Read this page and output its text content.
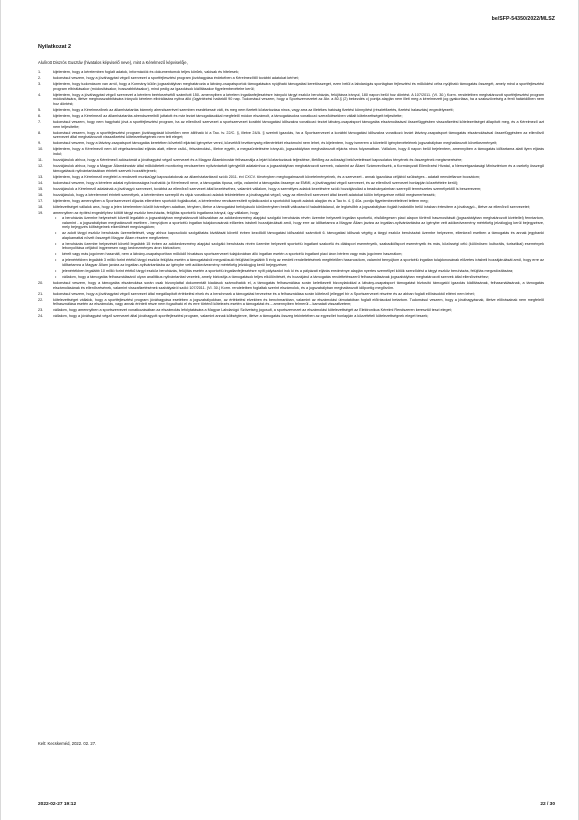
be/SFP-54350/2022/MLSZ
Nyilatkozat 2
Alulírott Diszrós Gusztáv (hivatalos képviselő neve), mint a Kérelmező képviselője,
1.	kijelentem, hogy a kérelemben foglalt adatok, információk és dokumentumok teljes körűek, valósak és hitelesek;
2.	tudomásul veszem, hogy a jóváhagyást végző szervezet a sportfejlesztési program jóváhagyása érdekében a Kérelmezőtől további adatokat kérhet;
3.	kijelentem, hogy tudomásom van arról, hogy a Kormány külön jogszabályban meghatározta a látvány-csapatsportok támogatására nyújtható támogatási keretösszeget, ezen belül a labdarúgás sportágban fejlesztési és működési célra nyújtható támogatás összegét, amely mind a sportfejlesztési program elbírálásakor (módosításakor, hosszabbításakor), mind pedig az igazolások kiállításakor figyelembevételre kerül;
4.	kijelentem, hogy a jóváhagyást végző szervezet a kérelem beérkezésétől számított 150- amennyiben a kérelem ingatlanfejlesztésre irányuló tárgyi eszköz beruházás, felújításra irányul, 180 napon belül hoz döntést. A 107/2011. (VI. 30.) Korm. rendeletben meghatározott sportfejlesztési program módosítására, illetve meghosszabbítására irányuló kérelem elbírálására nyitva álló (ügyintézési határidő 90 nap. Tudomásul veszem, hogy a Sportszervezetet az Ákr. a 80.§ (2) bekezdés c) pontja alapján nem illeti meg a kérelmezett jog gyakorlása, ha a szakszövetség a fenti határidőben nem hoz döntést;
5.	kijelentem, hogy a Kérelmezőnek az államháztartás bármely alrendszerével szemben esedékessé vált, és meg nem fizetett köztartozása nincs, vagy arra az illetékes hatóság fizetési könnyítést (részletfizetés, fizetési halasztás) engedélyezett;
6.	kijelentem, hogy a Kérelmező az államháztartás alrendszereiből juttatott és már lezárt támogatásokkal megfelelő módon elszámolt, a támogatásokra vonatkozó szerződésekben vállalt kötelezettségeit teljesítette;
7.	tudomásul veszem, hogy nem hagyható jóvá a sportfejlesztési program, ha az ellenőrző szervezet a sportszervezet korábbi támogatási időszakra vonatkozó tezárt látvány-csapatsport támogatás elszámolásával összefüggésben visszafizetési kötelezettséget állapított meg, és a Kérelmező azt nem teljesítette;
8.	tudomásul veszem, hogy a sportfejlesztési program jóváhagyását követően nem állítható ki a Tao. tv. 22/C. §, illetve 24/A. § szerinti igazolás, ha a Sportszervezet a korábbi támogatási időszakra vonatkozó lezárt látvány-csapatsport támogatás elszámolásával összefüggésben az ellenőrző szervezet által meghatározott visszafizetési kötelezettségének nem tett eleget;
9.	tudomásul veszem, hogy a látvány-csapatsport támogatás keretében követelő eljárást igényelve venni, közvetítői tevékenység ellenértékét elszámolni nem lehet, és kijelentem, hogy ismerem a követelő igénybevételének jogszabályban meghatározott következményeit;
10.	kijelentem, hogy a Kérelmező nem áll végelszámolási eljárás alatt, ellene csőd-, felszámolási-, illetve egyéb, a megszüntetésére irányuló, jogszabályban meghatározott eljárás nincs folyamatban. Vállalom, hogy 8 napon belül bejelentem, amennyiben a támogatás időtartama alatt ilyen eljárás indul;
11.	hozzájárulok ahhoz, hogy a Kérelmező adószámát a jóváhagyást végző szervezet és a Magyar Államkincstár felhasználja a lejárt köztartozások teljesítése, illetőleg az adóssági beköveteléssel kapcsolatos tényének és összegének megismerésére;
12.	hozzájárulok ahhoz, hogy a Magyar Államkincstár által működtetett monitoring rendszerben nyilvántartott igényjelölt adataimhoz a jogszabályban meghatározott szervek, valamint az Állami Számvevőszék, a Kormányzati Ellenőrzési Hivatal, a Nemzetgazdasági Minisztérium és a csekély összegű támogatások nyilvántartásában érintett szervek hozzáférjenek;
13.	kijelentem, hogy a Kérelmező megfelel a rendezett munkaügyi kapcsolatoknak az államháztartásról szóló 2011. évi CXCV. törvényben meghogalmazott követelményeinek, és a szervezet - annak igazolása céljából szükséges - adatait nemdefiance bocsátom;
14.	tudomásul veszem, hogy a kérelem adatai nyilvánosságra hozhatók (a Kérelmező neve, a támogatás típusa, célja, valamint a támogatás összege az EMMI, a jóváhagyást végző szervezet, és az ellenőrző szervezet honlapján közzétételre kerül);
15.	hozzájárulok a Kérelmező adatainak a jóváhagyó szervezet, továbbá az ellenőrző szervezet által kezeléséhez, valamint vállalom, hogy a személyes adatok kezelésére szóló hozzájárulást a beadványaimban szereplő természetes személyektől is beszerezem;
16.	hozzájárulok, hogy a kérelemmel érintett személyek, a kérelemben szereplő és rájuk vonatkozó adatok tekintetében a jóváhagyást végző, vagy az ellenőrző szervezet által kezelt adatokat külön bélyegzésre nélkül megismerhessék;
17.	kijelentem, hogy amennyiben a Sportszervezet díjazás ellenében sportolót foglalkoztat, a kérelemhez rendszeresített nyilatkozatot a sportolótól kapott adatok alapján és a Tao tv. 4. § 40a. pontja figyelembevételével tettem meg;
18.	kötelezettséget vállalok arra, hogy a jelen kérelemben közölt bármilyen adatban, tényben, illetve a támogatást befolyásoló körülményben beállt változásról haladéktalanul, de legkésőbb a jogszabályban foglalt határidőn belül írásban értesítem a jóváhagyó-, illetve az ellenőrző szervezetet;
19.	amennyiben az építési engedélyhez kötött tárgyi eszköz beruházás, felújítás sportcélú ingatlanra irányul, úgy vállalom, hogy
• a beruházás üzembe helyezését követő legalább a jogszabályban meghatározott időszakban az adókedvezmény alapjául szolgáló beruházás révén üzembe helyezett ingatlan sportcélú, elsődlegesen piaci alapon történő hasznosítását (jogszabályban meghatározott kivétellel) fenntartom, valamint - a jogszabályban meghatározott esetben - benyújtom a sportcélú ingatlan tulajdonosának előzetes írásbeli hozzájárulását arról, hogy erre az időtartamra a Magyar Állam javára az ingatlan-nyilvántartásba az igénybe vett adókedvezmény mértékéig jelzálogjog kerül bejegyzésre, mely bejegyzés költségeinek elkerülését megvizsgálom;
• az adott tárgyi eszköz beruházás üzemeltetését, vagy ahhoz kapcsolódó szolgáltatás kiváltását követő évben kezdődő támogatási időszaktól számított 6. támogatási időszak végéig a tárgyi eszköz beruházást üzembe helyezem, ellenkező esetben a támogatás és annak jegybanki alapkamattal növelt összegét Magyar Állam részére megfizetem;
• a beruházás üzembe helyezését követő legalább 15 évben az adókedvezmény alapjául szolgáló beruházás révén üzembe helyezett sportcélú ingatlant szakcélú és diákspori eseményeik, szabadidősport eseményeik és más, közösségi célú (különösen: kulturális, turisztikai) események lebonyolítása céljából ingyenesen vagy kedvezményes áron biztosítom;
• kérelt vagy más jogcímen használt, nem a látvány-csapatsportban működő hivatásos sportszervezet tulajdonában álló ingatlan esetén a sportcélú ingatlant piaci áron bérlem vagy más jogcímen használom;
• a jelenértékben legalább 3 millió forint értékű tárgyi eszköz felújítás esetén a támogatásból megvalósuló felújítást legalább 5 évig az eredeti rendeltetésének megfelelően hasznosítom, valamint benyújtom a sportcélú ingatlan tulajdonosának előzetes írásbeli hozzájárulását arról, hogy erre az időtartamra a Magyar Állam javára az ingatlan-nyilvántartásba az igénybe vett adókedvezmény mértékéig jelzálogjog kerül bejegyzésre;
• jelenértékben legalább 10 millió forint értékű tárgyi eszköz beruházás, felújítás esetén a sportcélú ingatlanfejlesztésre nyílt pályázatot írok ki és a pályázati eljárás eredménye alapján nyertes személlyel kötök szerződést a tárgyi eszköz beruházás, felújítás megvalósítására;
• vállalom, hogy a támogatás felhasználásáról olyan analitikus nyilvántartást vezetek, amely biztosítja a támogatások teljes elkülönítését, és hozzájárul a támogatás rendeltetésszerű felhasználásának jogszabályban meghatározott szervek által ellenőrzéséhez;
20.	tudomásul veszem, hogy a támogatás elszámolása során csak bizonylattal dokumentált kiadások számolhatók el, a támogatás felhasználása során keletkezett bizonylatokkal a látvány-csapatsport támogatást biztosító támogatói igazolás kiállításának, felhasználásának, a támogatás elszámolásának és ellenőrzésének, valamint visszafizetésének szabályairól szóló 107/2011. (VI. 30.) Korm. rendeletben foglaltak szerint elszámolok, és a jogszabályban meghatározott időpontig megőrzöm.
21.	tudomásul veszem, hogy a jóváhagyást végző szervezet által megállapított értékelési elvek és a benchmark a támogatási tervezése és a felhasználása során kötelező jelleggel bír a Sportszervezet részére és az abban foglalt előírásoktól eltérni nem lehet;
22.	kötelezettséget vállalok, hogy a sportfejlesztési program jóváhagyása esetében a jogszabályokban, az értékelési elvekben és benchmarkban, valamint az elszámolási útmutatóban foglalt előírásokat betartom. Tudomásul veszem, hogy a jóváhagyásnak, illetve előírásainak nem megfelelő felhasználása esetén az elszámolás, vagy annak érintett része nem fogadható el és erre történő kötelezés esetén a támogatást és – amennyiben felmerül – kamatait visszafizetem;
23.	vállalom, hogy amennyiben a sportszervezet vonatkozásában az elszámolás lefolytatására a Magyar Labdarúgó Szövetség jogosult, a sportszervezet az elszámolási kötelezettségét az Elektronikus Kérelmi Rendszeren keresztül teszi eleget;
24.	vállalom, hogy a jóváhagyást végző szervezet által jóváhagyott sportfejlesztési program, valamint annak költségterve, illetve a támogatás összeg tekintetében az egyezőet honlapján a közzétételi kötelezettségnek eleget teszek;
Kelt: Kecskeméd, 2022. 02. 27.
2022-02-27 19:12	22 / 30
